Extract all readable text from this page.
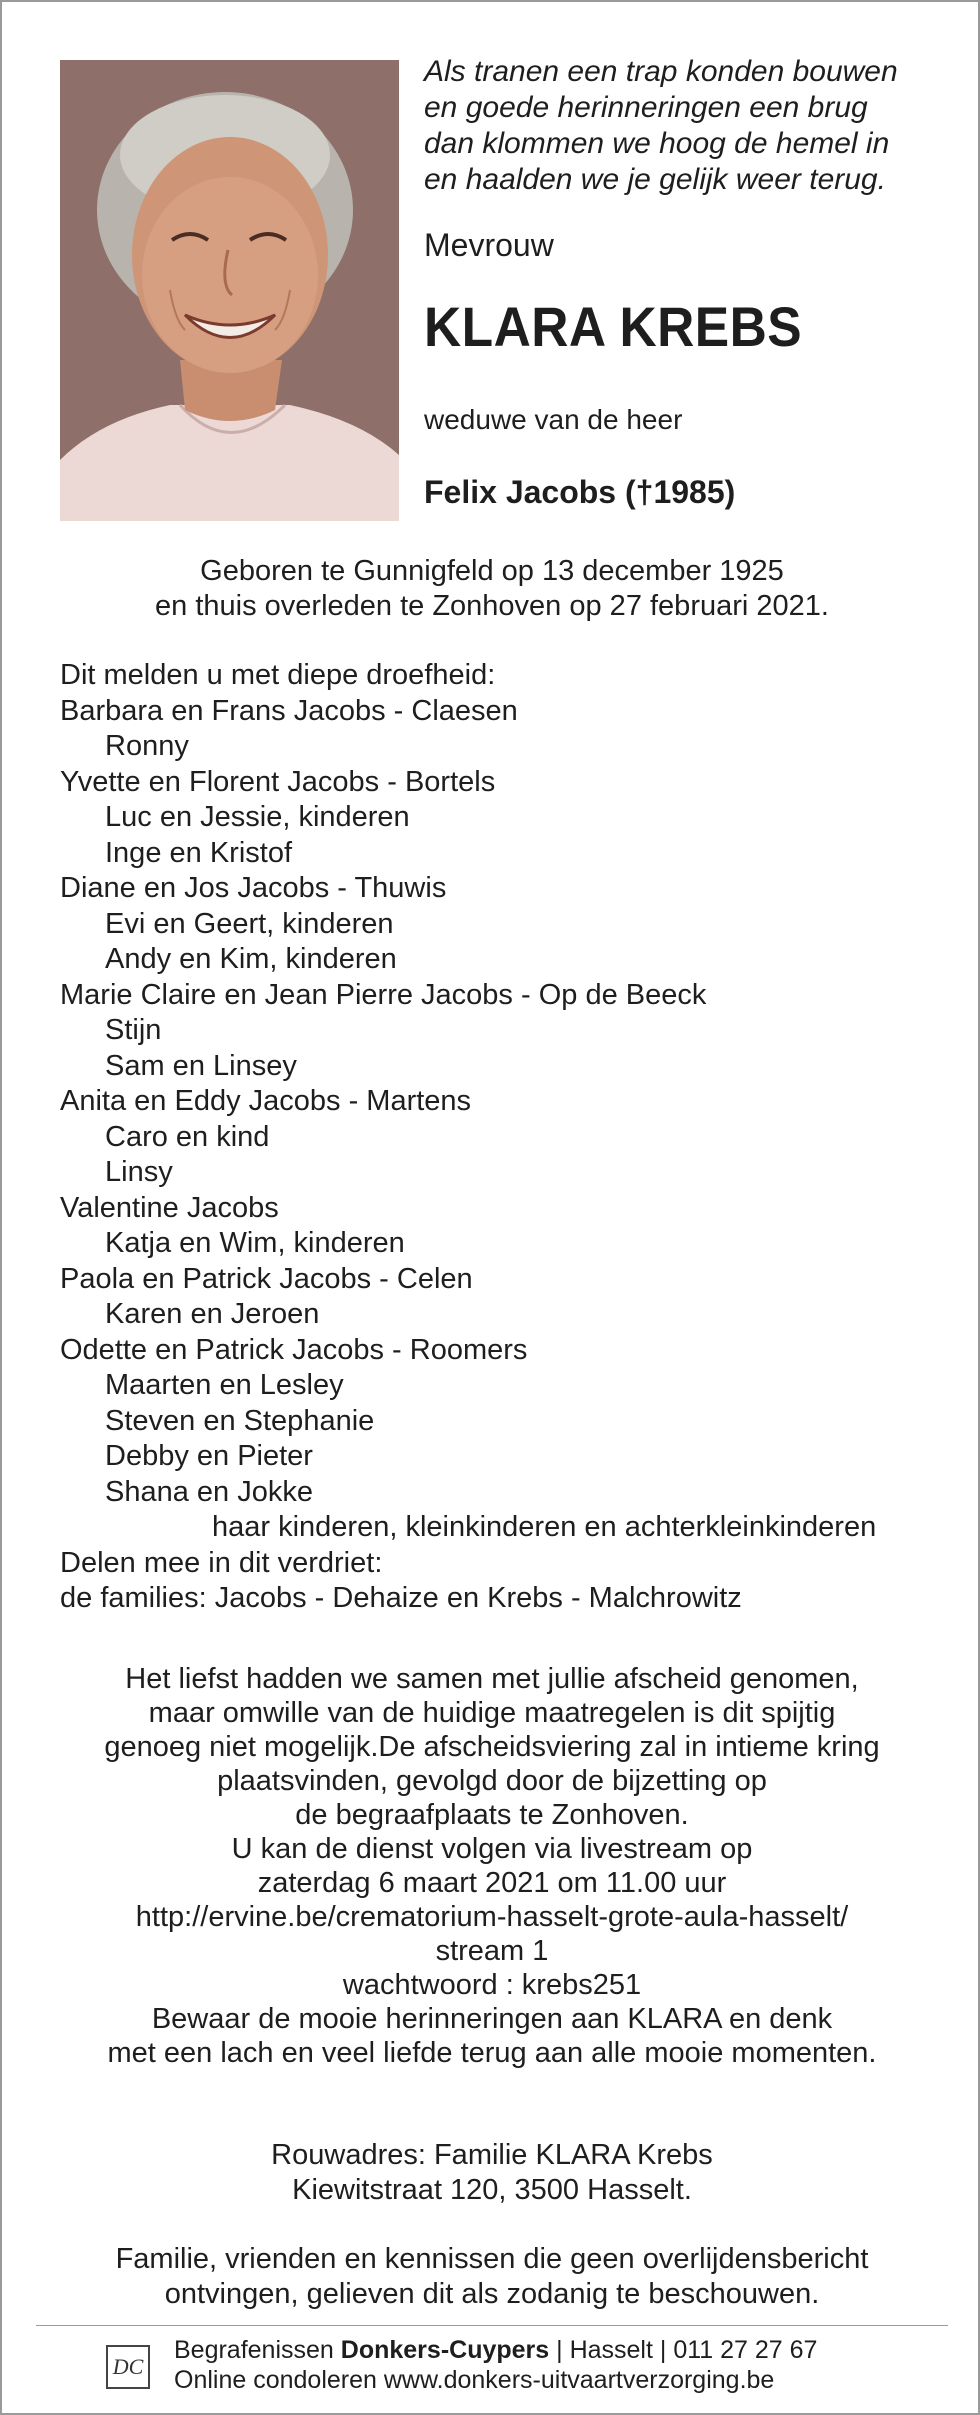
Als tranen een trap konden bouwen
en goede herinneringen een brug
dan klommen we hoog de hemel in
en haalden we je gelijk weer terug.
Mevrouw
KLARA KREBS
weduwe van de heer
Felix Jacobs (†1985)
Geboren te Gunnigfeld op 13 december 1925
en thuis overleden te Zonhoven op 27 februari 2021.
Dit melden u met diepe droefheid:
Barbara en Frans Jacobs - Claesen
Ronny
Yvette en Florent Jacobs - Bortels
Luc en Jessie, kinderen
Inge en Kristof
Diane en Jos Jacobs - Thuwis
Evi en Geert, kinderen
Andy en Kim, kinderen
Marie Claire en Jean Pierre Jacobs - Op de Beeck
Stijn
Sam en Linsey
Anita en Eddy Jacobs - Martens
Caro en kind
Linsy
Valentine Jacobs
Katja en Wim, kinderen
Paola en Patrick Jacobs - Celen
Karen en Jeroen
Odette en Patrick Jacobs - Roomers
Maarten en Lesley
Steven en Stephanie
Debby en Pieter
Shana en Jokke
haar kinderen, kleinkinderen en achterkleinkinderen
Delen mee in dit verdriet:
de families: Jacobs - Dehaize en Krebs - Malchrowitz
Het liefst hadden we samen met jullie afscheid genomen,
maar omwille van de huidige maatregelen is dit spijtig
genoeg niet mogelijk.De afscheidsviering zal in intieme kring
plaatsvinden, gevolgd door de bijzetting op
de begraafplaats te Zonhoven.
U kan de dienst volgen via livestream op
zaterdag 6 maart 2021 om 11.00 uur
http://ervine.be/crematorium-hasselt-grote-aula-hasselt/
stream 1
wachtwoord : krebs251
Bewaar de mooie herinneringen aan KLARA en denk
met een lach en veel liefde terug aan alle mooie momenten.
Rouwadres: Familie KLARA Krebs
Kiewitstraat 120, 3500 Hasselt.
Familie, vrienden en kennissen die geen overlijdensbericht
ontvingen, gelieven dit als zodanig te beschouwen.
DC
Begrafenissen Donkers-Cuypers | Hasselt | 011 27 27 67
Online condoleren www.donkers-uitvaartverzorging.be
